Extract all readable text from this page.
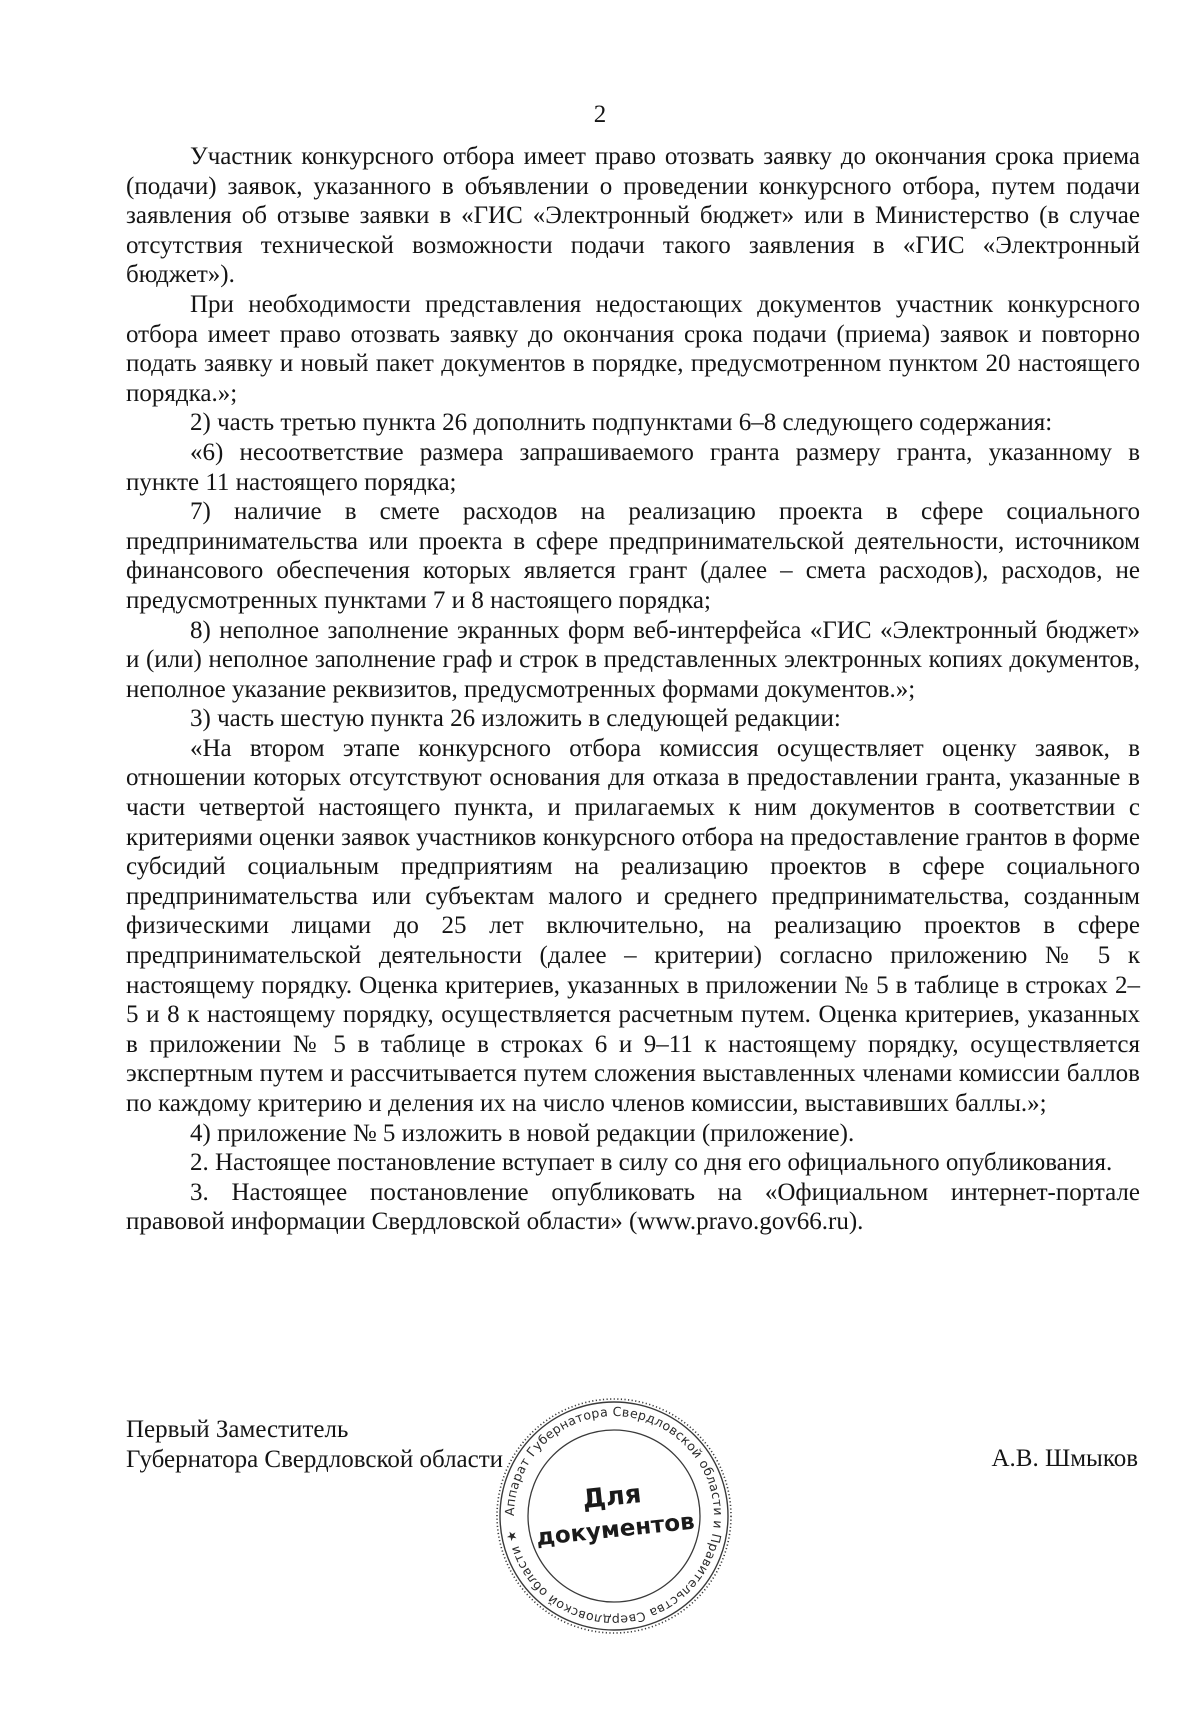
2

Участник конкурсного отбора имеет право отозвать заявку до окончания срока приема (подачи) заявок, указанного в объявлении о проведении конкурсного отбора, путем подачи заявления об отзыве заявки в «ГИС «Электронный бюджет» или в Министерство (в случае отсутствия технической возможности подачи такого заявления в «ГИС «Электронный бюджет»).

При необходимости представления недостающих документов участник конкурсного отбора имеет право отозвать заявку до окончания срока подачи (приема) заявок и повторно подать заявку и новый пакет документов в порядке, предусмотренном пунктом 20 настоящего порядка.»;

2) часть третью пункта 26 дополнить подпунктами 6–8 следующего содержания:

«6) несоответствие размера запрашиваемого гранта размеру гранта, указанному в пункте 11 настоящего порядка;

7) наличие в смете расходов на реализацию проекта в сфере социального предпринимательства или проекта в сфере предпринимательской деятельности, источником финансового обеспечения которых является грант (далее – смета расходов), расходов, не предусмотренных пунктами 7 и 8 настоящего порядка;

8) неполное заполнение экранных форм веб-интерфейса «ГИС «Электронный бюджет» и (или) неполное заполнение граф и строк в представленных электронных копиях документов, неполное указание реквизитов, предусмотренных формами документов.»;

3) часть шестую пункта 26 изложить в следующей редакции:

«На втором этапе конкурсного отбора комиссия осуществляет оценку заявок, в отношении которых отсутствуют основания для отказа в предоставлении гранта, указанные в части четвертой настоящего пункта, и прилагаемых к ним документов в соответствии с критериями оценки заявок участников конкурсного отбора на предоставление грантов в форме субсидий социальным предприятиям на реализацию проектов в сфере социального предпринимательства или субъектам малого и среднего предпринимательства, созданным физическими лицами до 25 лет включительно, на реализацию проектов в сфере предпринимательской деятельности (далее – критерии) согласно приложению № 5 к настоящему порядку. Оценка критериев, указанных в приложении № 5 в таблице в строках 2–5 и 8 к настоящему порядку, осуществляется расчетным путем. Оценка критериев, указанных в приложении № 5 в таблице в строках 6 и 9–11 к настоящему порядку, осуществляется экспертным путем и рассчитывается путем сложения выставленных членами комиссии баллов по каждому критерию и деления их на число членов комиссии, выставивших баллы.»;

4) приложение № 5 изложить в новой редакции (приложение).

2. Настоящее постановление вступает в силу со дня его официального опубликования.

3. Настоящее постановление опубликовать на «Официальном интернет-портале правовой информации Свердловской области» (www.pravo.gov66.ru).

Первый Заместитель
Губернатора Свердловской области
Аппарат Губернатора Свердловской области и Правительства Свердловской области ★
Для
документов
А.В. Шмыков
